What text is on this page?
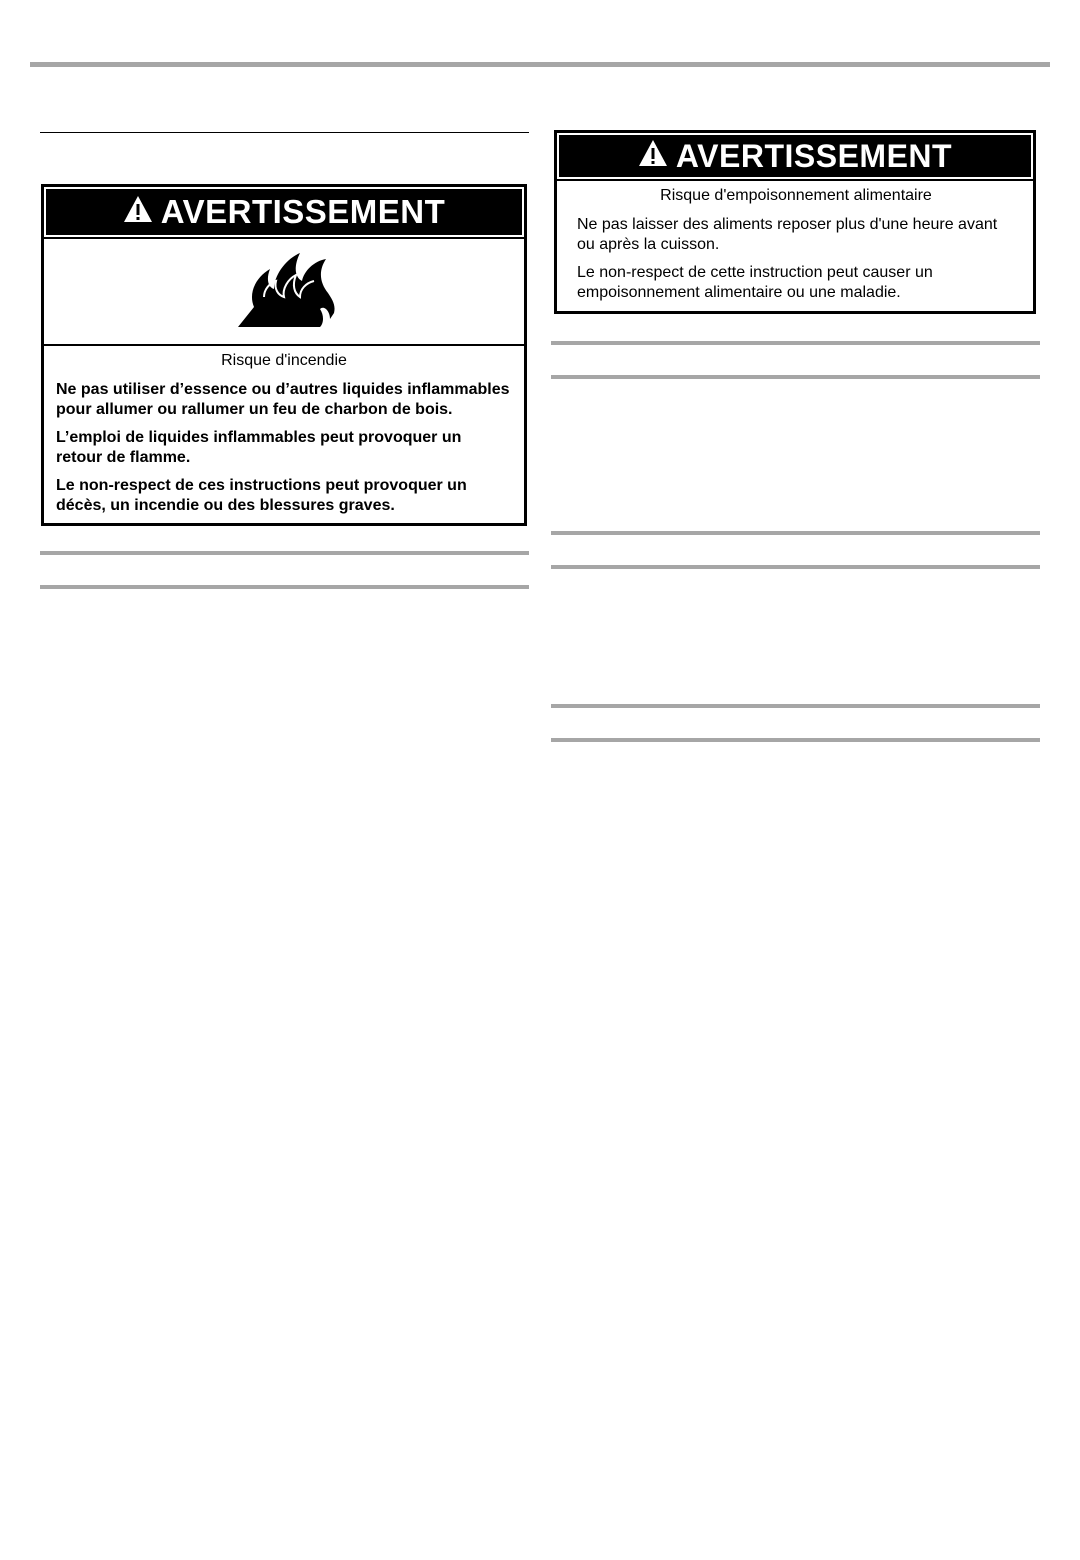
AVERTISSEMENT
Risque d'incendie
Ne pas utiliser d’essence ou d’autres liquides inflammables pour allumer ou rallumer un feu de charbon de bois.
L’emploi de liquides inflammables peut provoquer un retour de flamme.
Le non-respect de ces instructions peut provoquer un décès, un incendie ou des blessures graves.
AVERTISSEMENT
Risque d'empoisonnement alimentaire
Ne pas laisser des aliments reposer plus d'une heure avant ou après la cuisson.
Le non-respect de cette instruction peut causer un empoisonnement alimentaire ou une maladie.
